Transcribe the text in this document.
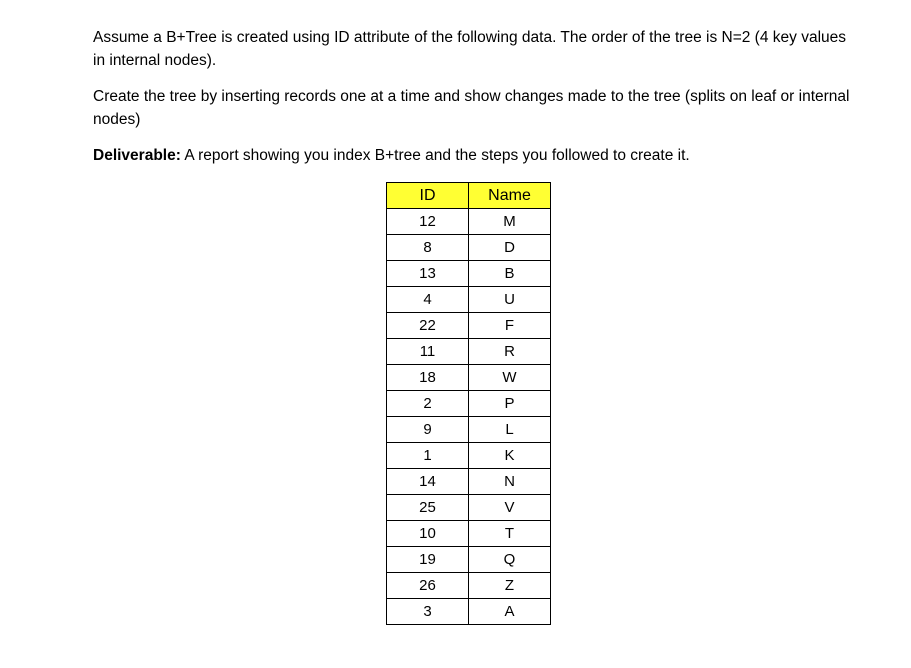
Assume a B+Tree is created using ID attribute of the following data. The order of the tree is N=2 (4 key values in internal nodes).

Create the tree by inserting records one at a time and show changes made to the tree (splits on leaf or internal nodes)

Deliverable: A report showing you index B+tree and the steps you followed to create it.

ID	Name
12	M
8	D
13	B
4	U
22	F
11	R
18	W
2	P
9	L
1	K
14	N
25	V
10	T
19	Q
26	Z
3	A
